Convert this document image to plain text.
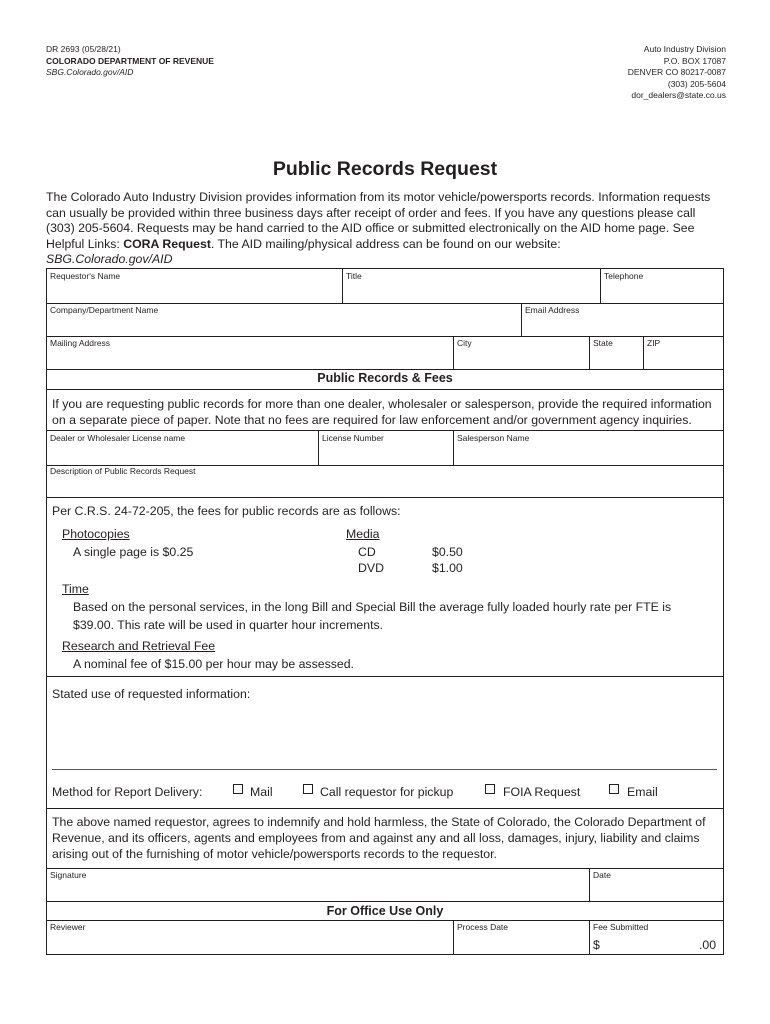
DR 2693 (05/28/21)
COLORADO DEPARTMENT OF REVENUE
SBG.Colorado.gov/AID
Auto Industry Division
P.O. BOX 17087
DENVER CO 80217-0087
(303) 205-5604
dor_dealers@state.co.us
Public Records Request
The Colorado Auto Industry Division provides information from its motor vehicle/powersports records. Information requests can usually be provided within three business days after receipt of order and fees. If you have any questions please call (303) 205-5604. Requests may be hand carried to the AID office or submitted electronically on the AID home page. See Helpful Links: CORA Request. The AID mailing/physical address can be found on our website:
SBG.Colorado.gov/AID
Requestor's Name	Title	Telephone
Company/Department Name	Email Address
Mailing Address	City	State	ZIP
Public Records & Fees
If you are requesting public records for more than one dealer, wholesaler or salesperson, provide the required information on a separate piece of paper. Note that no fees are required for law enforcement and/or government agency inquiries.
Dealer or Wholesaler License name	License Number	Salesperson Name
Description of Public Records Request
Per C.R.S. 24-72-205, the fees for public records are as follows:
Photocopies
A single page is $0.25
Media
CD	$0.50
DVD	$1.00
Time
Based on the personal services, in the long Bill and Special Bill the average fully loaded hourly rate per FTE is $39.00. This rate will be used in quarter hour increments.
Research and Retrieval Fee
A nominal fee of $15.00 per hour may be assessed.
Stated use of requested information:
Method for Report Delivery:	Mail	Call requestor for pickup	FOIA Request	Email
The above named requestor, agrees to indemnify and hold harmless, the State of Colorado, the Colorado Department of Revenue, and its officers, agents and employees from and against any and all loss, damages, injury, liability and claims arising out of the furnishing of motor vehicle/powersports records to the requestor.
Signature	Date
For Office Use Only
Reviewer	Process Date	Fee Submitted
$	.00
